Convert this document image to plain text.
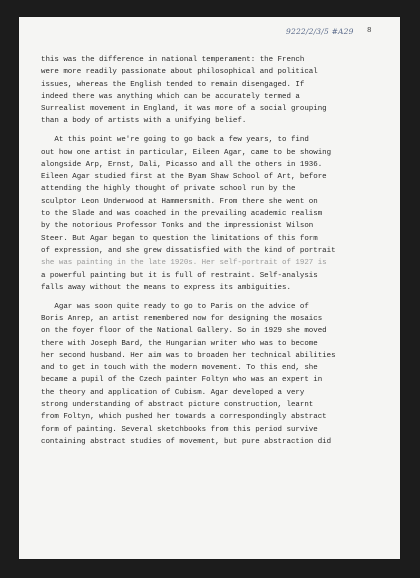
9222/2/3/5 #A29 8
this was the difference in national temperament: the French
were more readily passionate about philosophical and political
issues, whereas the English tended to remain disengaged. If
indeed there was anything which can be accurately termed a
Surrealist movement in England, it was more of a social grouping
than a body of artists with a unifying belief.
At this point we're going to go back a few years, to find
out how one artist in particular, Eileen Agar, came to be showing
alongside Arp, Ernst, Dali, Picasso and all the others in 1936.
Eileen Agar studied first at the Byam Shaw School of Art, before
attending the highly thought of private school run by the
sculptor Leon Underwood at Hammersmith. From there she went on
to the Slade and was coached in the prevailing academic realism
by the notorious Professor Tonks and the impressionist Wilson
Steer. But Agar began to question the limitations of this form
of expression, and she grew dissatisfied with the kind of portrait
she was painting in the late 1920s. Her self-portrait of 1927 is
a powerful painting but it is full of restraint. Self-analysis
falls away without the means to express its ambiguities.
Agar was soon quite ready to go to Paris on the advice of
Boris Anrep, an artist remembered now for designing the mosaics
on the foyer floor of the National Gallery. So in 1929 she moved
there with Joseph Bard, the Hungarian writer who was to become
her second husband. Her aim was to broaden her technical abilities
and to get in touch with the modern movement. To this end, she
became a pupil of the Czech painter Foltyn who was an expert in
the theory and application of Cubism. Agar developed a very
strong understanding of abstract picture construction, learnt
from Foltyn, which pushed her towards a correspondingly abstract
form of painting. Several sketchbooks from this period survive
containing abstract studies of movement, but pure abstraction did
